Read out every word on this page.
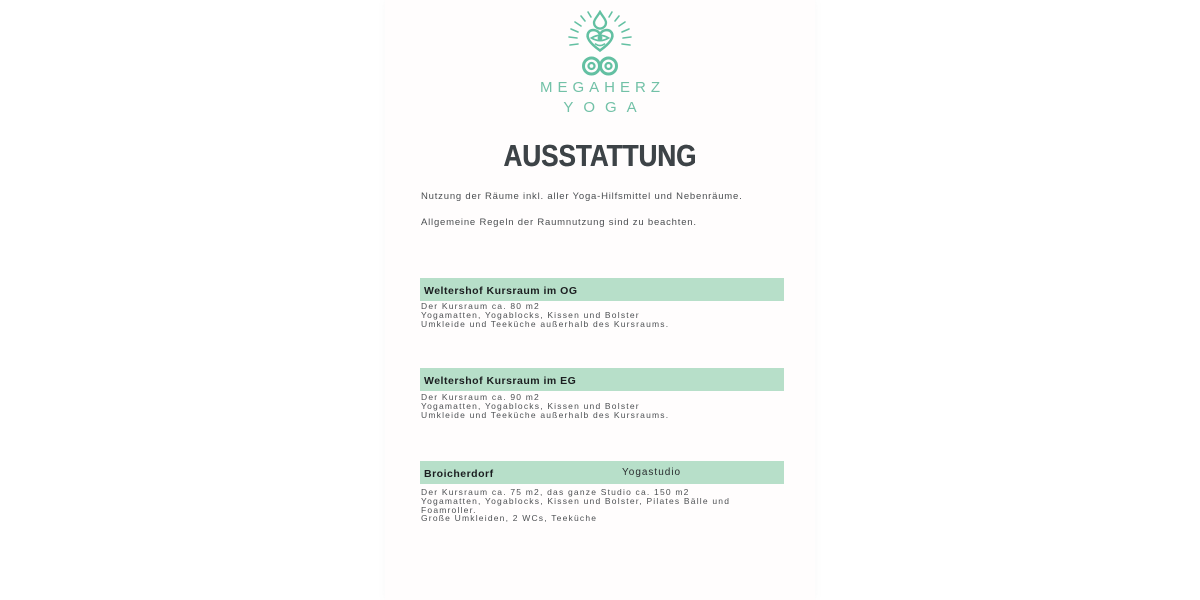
MEGAHERZ
YOGA
AUSSTATTUNG
Nutzung der Räume inkl. aller Yoga-Hilfsmittel und Nebenräume.
Allgemeine Regeln der Raumnutzung sind zu beachten.
Weltershof Kursraum im OG
Der Kursraum ca. 80 m2
Yogamatten, Yogablocks, Kissen und Bolster
Umkleide und Teeküche außerhalb des Kursraums.
Weltershof Kursraum im EG
Der Kursraum ca. 90 m2
Yogamatten, Yogablocks, Kissen und Bolster
Umkleide und Teeküche außerhalb des Kursraums.
Broicherdorf	Yogastudio
Der Kursraum ca. 75 m2, das ganze Studio ca. 150 m2
Yogamatten, Yogablocks, Kissen und Bolster, Pilates Bälle und
Foamroller.
Große Umkleiden, 2 WCs, Teeküche
